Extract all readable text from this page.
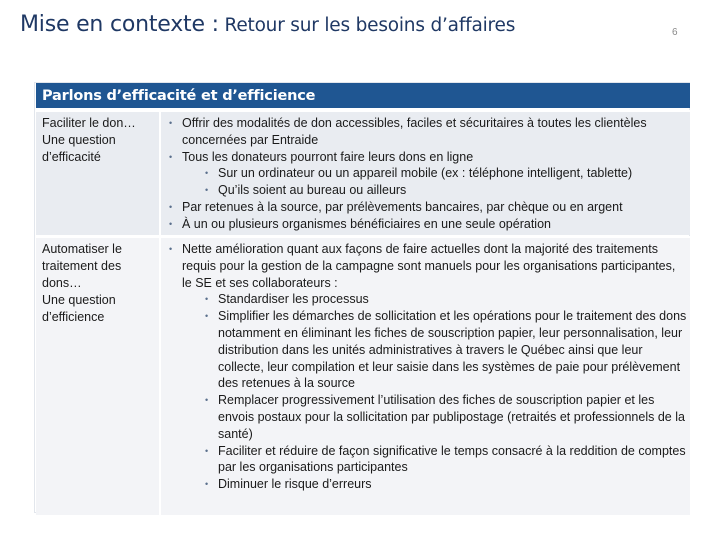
Mise en contexte : Retour sur les besoins d’affaires	6
Parlons d’efficacité et d’efficience
Faciliter le don…
Une question
d’efficacité
• Offrir des modalités de don accessibles, faciles et sécuritaires à toutes les clientèles concernées par Entraide
• Tous les donateurs pourront faire leurs dons en ligne
• Sur un ordinateur ou un appareil mobile (ex : téléphone intelligent, tablette)
• Qu’ils soient au bureau ou ailleurs
• Par retenues à la source, par prélèvements bancaires, par chèque ou en argent
• À un ou plusieurs organismes bénéficiaires en une seule opération
Automatiser le
traitement des
dons…
Une question
d’efficience
• Nette amélioration quant aux façons de faire actuelles dont la majorité des traitements requis pour la gestion de la campagne sont manuels pour les organisations participantes, le SE et ses collaborateurs :
• Standardiser les processus
• Simplifier les démarches de sollicitation et les opérations pour le traitement des dons notamment en éliminant les fiches de souscription papier, leur personnalisation, leur distribution dans les unités administratives à travers le Québec ainsi que leur collecte, leur compilation et leur saisie dans les systèmes de paie pour prélèvement des retenues à la source
• Remplacer progressivement l’utilisation des fiches de souscription papier et les envois postaux pour la sollicitation par publipostage (retraités et professionnels de la santé)
• Faciliter et réduire de façon significative le temps consacré à la reddition de comptes par les organisations participantes
• Diminuer le risque d’erreurs
